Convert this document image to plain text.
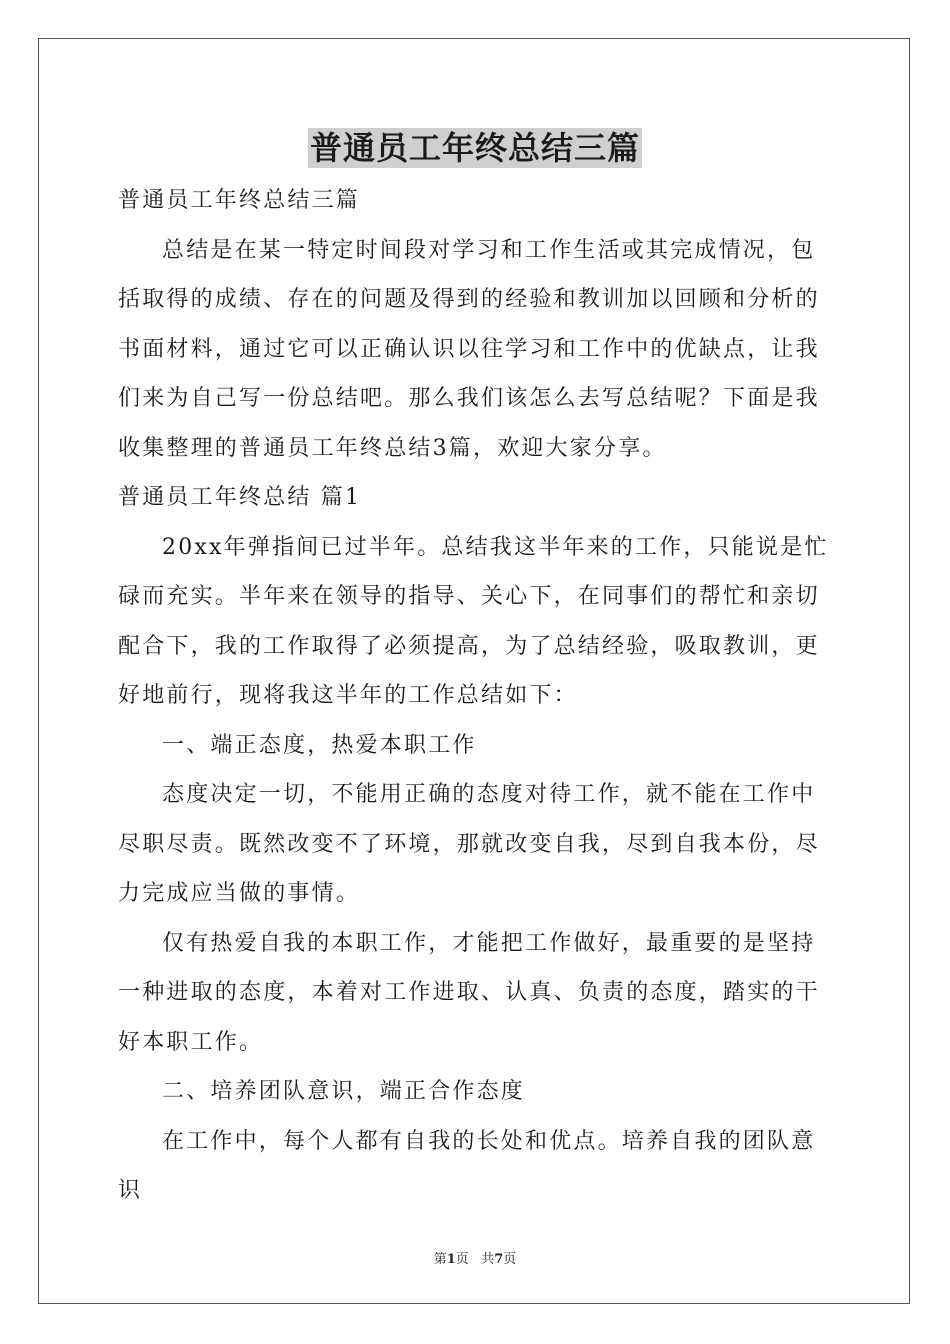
普通员工年终总结三篇

普通员工年终总结三篇

总结是在某一特定时间段对学习和工作生活或其完成情况，包括取得的成绩、存在的问题及得到的经验和教训加以回顾和分析的书面材料，通过它可以正确认识以往学习和工作中的优缺点，让我们来为自己写一份总结吧。那么我们该怎么去写总结呢？下面是我收集整理的普通员工年终总结3篇，欢迎大家分享。

普通员工年终总结 篇1

20xx年弹指间已过半年。总结我这半年来的工作，只能说是忙碌而充实。半年来在领导的指导、关心下，在同事们的帮忙和亲切配合下，我的工作取得了必须提高，为了总结经验，吸取教训，更好地前行，现将我这半年的工作总结如下：

一、端正态度，热爱本职工作

态度决定一切，不能用正确的态度对待工作，就不能在工作中尽职尽责。既然改变不了环境，那就改变自我，尽到自我本份，尽力完成应当做的事情。

仅有热爱自我的本职工作，才能把工作做好，最重要的是坚持一种进取的态度，本着对工作进取、认真、负责的态度，踏实的干好本职工作。

二、培养团队意识，端正合作态度

在工作中，每个人都有自我的长处和优点。培养自我的团队意识

第1页   共7页
